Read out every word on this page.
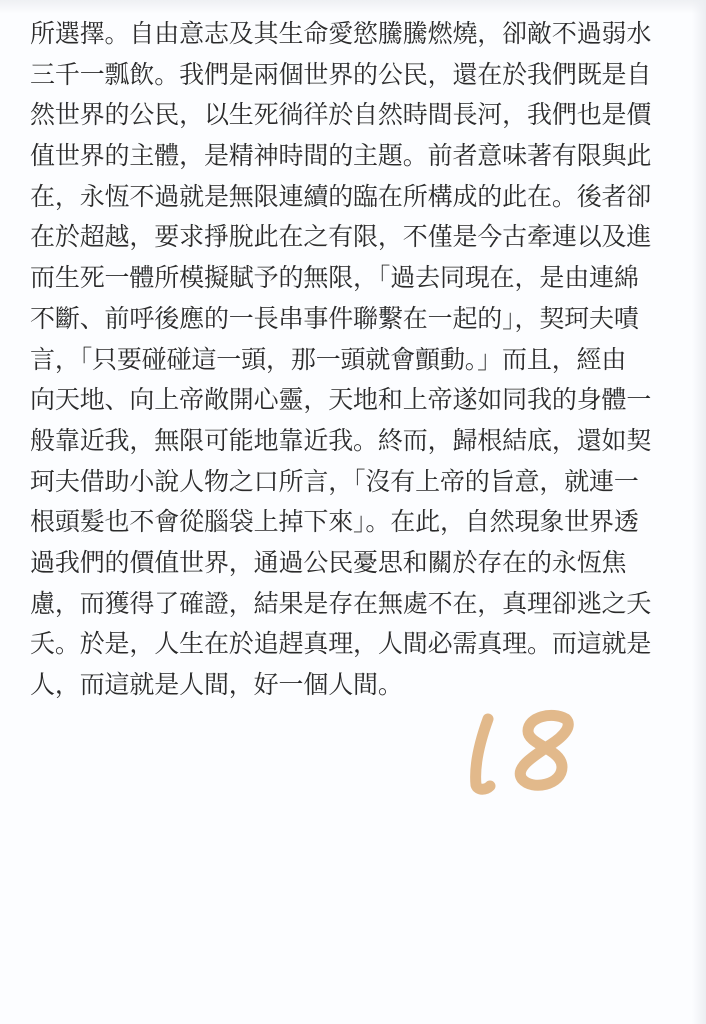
所選擇。自由意志及其生命愛慾騰騰燃燒，卻敵不過弱水
三千一瓢飲。我們是兩個世界的公民，還在於我們既是自
然世界的公民，以生死徜徉於自然時間長河，我們也是價
值世界的主體，是精神時間的主題。前者意味著有限與此
在，永恆不過就是無限連續的臨在所構成的此在。後者卻
在於超越，要求掙脫此在之有限，不僅是今古牽連以及進
而生死一體所模擬賦予的無限，「過去同現在，是由連綿
不斷、前呼後應的一長串事件聯繫在一起的」，契珂夫嘖
言，「只要碰碰這一頭，那一頭就會顫動。」而且，經由
向天地、向上帝敞開心靈，天地和上帝遂如同我的身體一
般靠近我，無限可能地靠近我。終而，歸根結底，還如契
珂夫借助小說人物之口所言，「沒有上帝的旨意，就連一
根頭髮也不會從腦袋上掉下來」。在此，自然現象世界透
過我們的價值世界，通過公民憂思和關於存在的永恆焦
慮，而獲得了確證，結果是存在無處不在，真理卻逃之夭
夭。於是，人生在於追趕真理，人間必需真理。而這就是
人，而這就是人間，好一個人間。
